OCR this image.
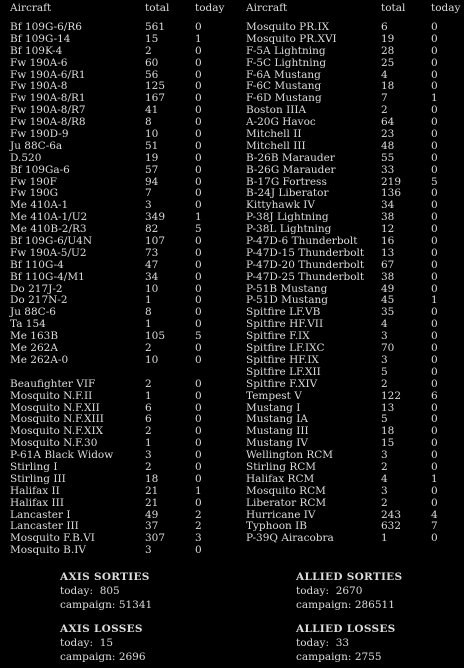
Aircraft	total today
Bf 109G-6/R6	561	0
Bf 109G-14	15	1
Bf 109K-4	2	0
Fw 190A-6	60	0
Fw 190A-6/R1	56	0
Fw 190A-8	125	0
Fw 190A-8/R1	167	0
Fw 190A-8/R7	41	0
Fw 190A-8/R8	8	0
Fw 190D-9	10	0
Ju 88C-6a	51	0
D.520	19	0
Bf 109Ga-6	57	0
Fw 190F	94	0
Fw 190G	7	0
Me 410A-1	3	0
Me 410A-1/U2	349	1
Me 410B-2/R3	82	5
Bf 109G-6/U4N	107	0
Fw 190A-5/U2	73	0
Bf 110G-4	47	0
Bf 110G-4/M1	34	0
Do 217J-2	10	0
Do 217N-2	1	0
Ju 88C-6	8	0
Ta 154	1	0
Me 163B	105	5
Me 262A	2	0
Me 262A-0	10	0
Beaufighter VIF	2	0
Mosquito N.F.II	1	0
Mosquito N.F.XII	6	0
Mosquito N.F.XIII	6	0
Mosquito N.F.XIX	2	0
Mosquito N.F.30	1	0
P-61A Black Widow	3	0
Stirling I	2	0
Stirling III	18	0
Halifax II	21	1
Halifax III	21	0
Lancaster I	49	2
Lancaster III	37	2
Mosquito F.B.VI	307	3
Mosquito B.IV	3	0
Aircraft	total today
Mosquito PR.IX	6	0
Mosquito PR.XVI	19	0
F-5A Lightning	28	0
F-5C Lightning	25	0
F-6A Mustang	4	0
F-6C Mustang	18	0
F-6D Mustang	7	1
Boston IIIA	2	0
A-20G Havoc	64	0
Mitchell II	23	0
Mitchell III	48	0
B-26B Marauder	55	0
B-26G Marauder	33	0
B-17G Fortress	219	5
B-24J Liberator	136	0
Kittyhawk IV	34	0
P-38J Lightning	38	0
P-38L Lightning	12	0
P-47D-6 Thunderbolt 16	0
P-47D-15 Thunderbolt 13	0
P-47D-20 Thunderbolt 67	0
P-47D-25 Thunderbolt 38	0
P-51B Mustang	49	0
P-51D Mustang	45	1
Spitfire LF.VB	35	0
Spitfire HF.VII	4	0
Spitfire F.IX	3	0
Spitfire LF.IXC	70	0
Spitfire HF.IX	3	0
Spitfire LF.XII	5	0
Spitfire F.XIV	2	0
Tempest V	122	6
Mustang I	13	0
Mustang IA	5	0
Mustang III	18	0
Mustang IV	15	0
Wellington RCM	3	0
Stirling RCM	2	0
Halifax RCM	4	1
Mosquito RCM	3	0
Liberator RCM	2	0
Hurricane IV	243	4
Typhoon IB	632	7
P-39Q Airacobra	1	0
AXIS SORTIES
today: 805
campaign: 51341
ALLIED SORTIES
today: 2670
campaign: 286511
AXIS LOSSES
today: 15
campaign: 2696
ALLIED LOSSES
today: 33
campaign: 2755
